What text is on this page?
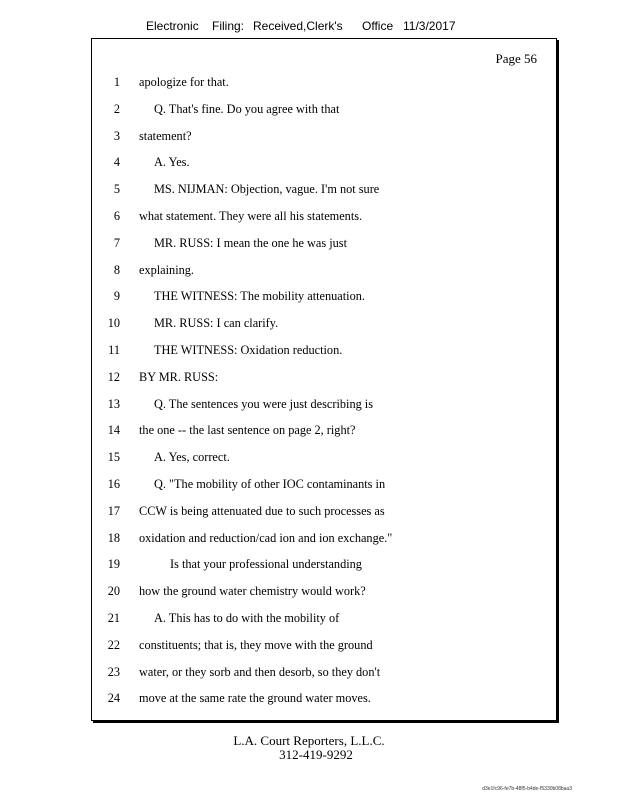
Electronic Filing: Received,Clerk's Office 11/3/2017
Page 56
1 apologize for that.
2	Q. That's fine. Do you agree with that
3 statement?
4	A. Yes.
5	MS. NIJMAN: Objection, vague. I'm not sure
6 what statement. They were all his statements.
7	MR. RUSS: I mean the one he was just
8 explaining.
9	THE WITNESS: The mobility attenuation.
10	MR. RUSS: I can clarify.
11	THE WITNESS: Oxidation reduction.
12 BY MR. RUSS:
13	Q. The sentences you were just describing is
14 the one -- the last sentence on page 2, right?
15	A. Yes, correct.
16	Q. "The mobility of other IOC contaminants in
17 CCW is being attenuated due to such processes as
18 oxidation and reduction/cad ion and ion exchange."
19	Is that your professional understanding
20 how the ground water chemistry would work?
21	A. This has to do with the mobility of
22 constituents; that is, they move with the ground
23 water, or they sorb and then desorb, so they don't
24 move at the same rate the ground water moves.
L.A. Court Reporters, L.L.C.
312-419-9292
d3e1fc96-fe7b-48f5-b4de-f5330b08baa3
